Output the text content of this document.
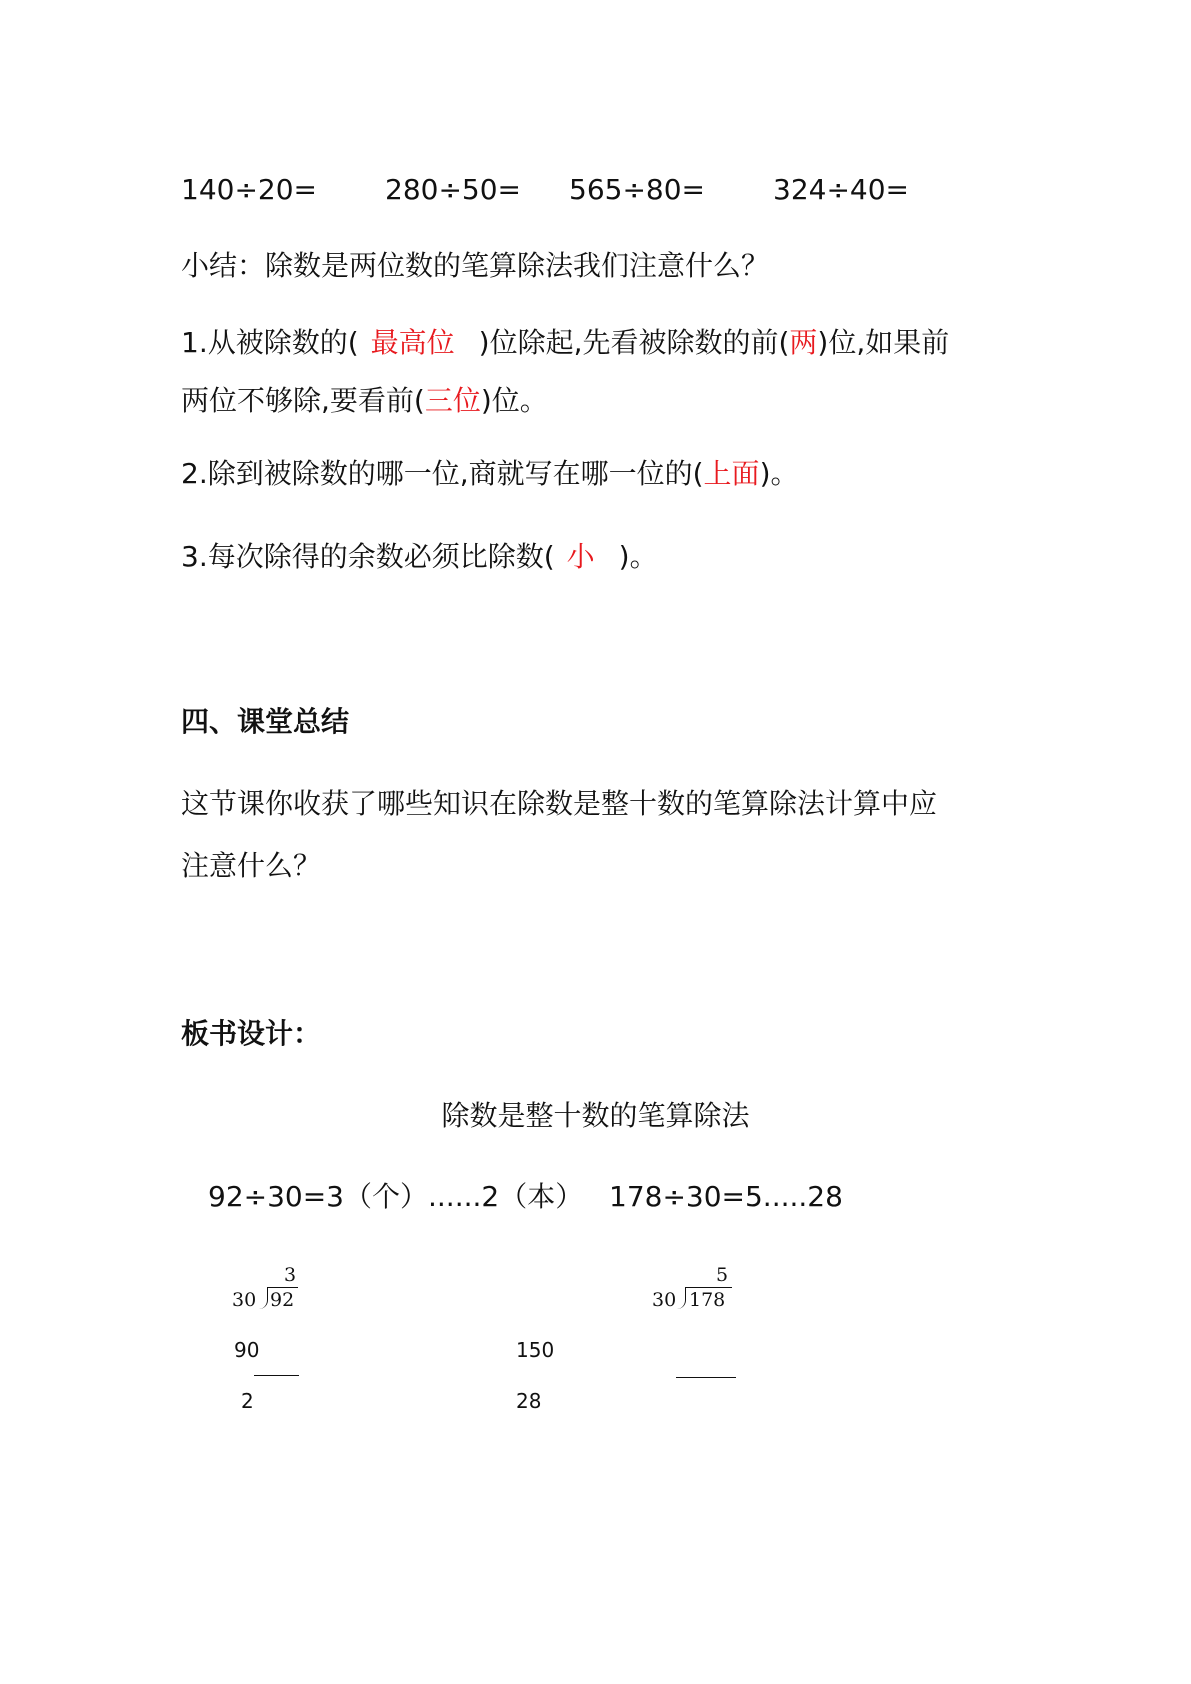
140÷20= 280÷50= 565÷80= 324÷40=
小结：除数是两位数的笔算除法我们注意什么？
1.从被除数的( 最高位 )位除起,先看被除数的前(两)位,如果前
两位不够除,要看前(三位)位。
2.除到被除数的哪一位,商就写在哪一位的(上面)。
3.每次除得的余数必须比除数( 小 )。
四、课堂总结
这节课你收获了哪些知识在除数是整十数的笔算除法计算中应
注意什么？
板书设计：
除数是整十数的笔算除法
92÷30=3（个）......2（本） 178÷30=5.....28
3
30 92
90
2
5
30 178
150
28
